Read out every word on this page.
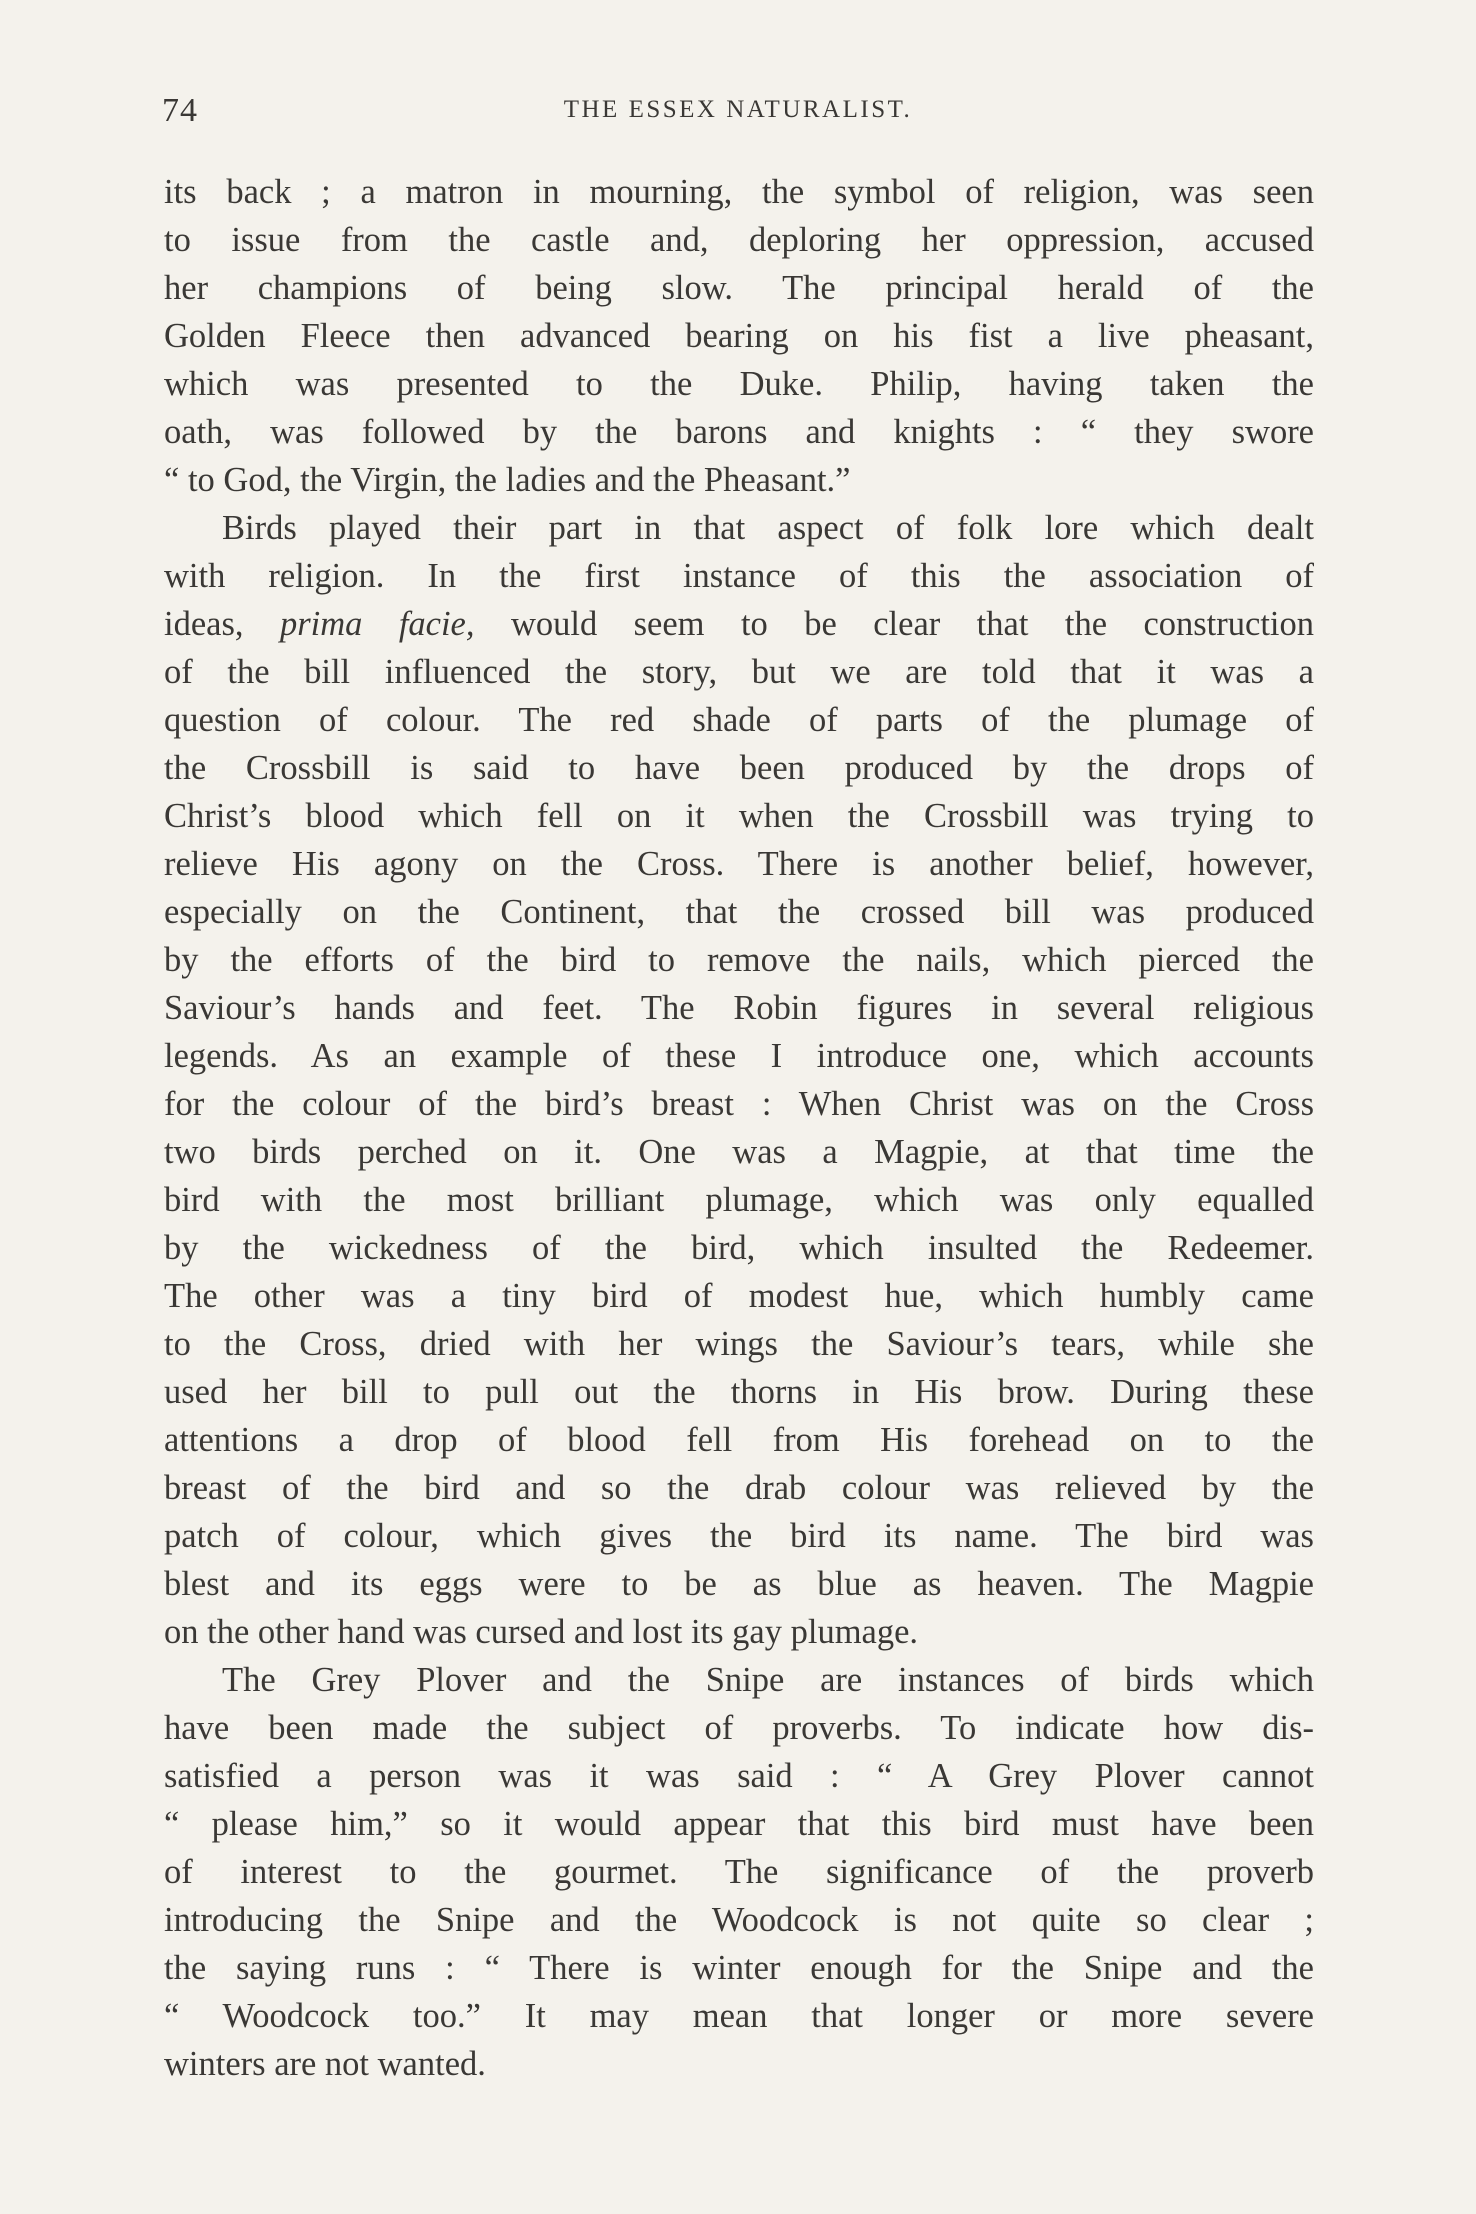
74	THE ESSEX NATURALIST.
its back ; a matron in mourning, the symbol of religion, was seen
to issue from the castle and, deploring her oppression, accused
her champions of being slow. The principal herald of the
Golden Fleece then advanced bearing on his fist a live pheasant,
which was presented to the Duke. Philip, having taken the
oath, was followed by the barons and knights : “ they swore
“ to God, the Virgin, the ladies and the Pheasant.”
Birds played their part in that aspect of folk lore which dealt
with religion. In the first instance of this the association of
ideas, prima facie, would seem to be clear that the construction
of the bill influenced the story, but we are told that it was a
question of colour. The red shade of parts of the plumage of
the Crossbill is said to have been produced by the drops of
Christ’s blood which fell on it when the Crossbill was trying to
relieve His agony on the Cross. There is another belief, however,
especially on the Continent, that the crossed bill was produced
by the efforts of the bird to remove the nails, which pierced the
Saviour’s hands and feet. The Robin figures in several religious
legends. As an example of these I introduce one, which accounts
for the colour of the bird’s breast : When Christ was on the Cross
two birds perched on it. One was a Magpie, at that time the
bird with the most brilliant plumage, which was only equalled
by the wickedness of the bird, which insulted the Redeemer.
The other was a tiny bird of modest hue, which humbly came
to the Cross, dried with her wings the Saviour’s tears, while she
used her bill to pull out the thorns in His brow. During these
attentions a drop of blood fell from His forehead on to the
breast of the bird and so the drab colour was relieved by the
patch of colour, which gives the bird its name. The bird was
blest and its eggs were to be as blue as heaven. The Magpie
on the other hand was cursed and lost its gay plumage.
The Grey Plover and the Snipe are instances of birds which
have been made the subject of proverbs. To indicate how dis-
satisfied a person was it was said : “ A Grey Plover cannot
“ please him,” so it would appear that this bird must have been
of interest to the gourmet. The significance of the proverb
introducing the Snipe and the Woodcock is not quite so clear ;
the saying runs : “ There is winter enough for the Snipe and the
“ Woodcock too.” It may mean that longer or more severe
winters are not wanted.
